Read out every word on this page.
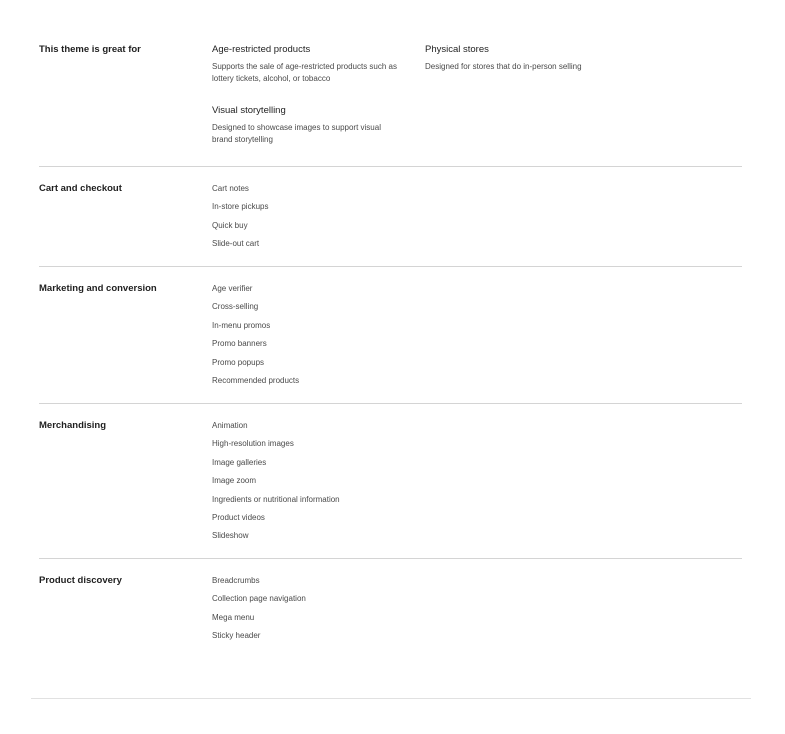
This theme is great for	Age-restricted products
Supports the sale of age-restricted products such as lottery tickets, alcohol, or tobacco
Physical stores
Designed for stores that do in-person selling
Visual storytelling
Designed to showcase images to support visual brand storytelling
Cart and checkout	Cart notes
In-store pickups
Quick buy
Slide-out cart
Marketing and conversion	Age verifier
Cross-selling
In-menu promos
Promo banners
Promo popups
Recommended products
Merchandising	Animation
High-resolution images
Image galleries
Image zoom
Ingredients or nutritional information
Product videos
Slideshow
Product discovery	Breadcrumbs
Collection page navigation
Mega menu
Sticky header
